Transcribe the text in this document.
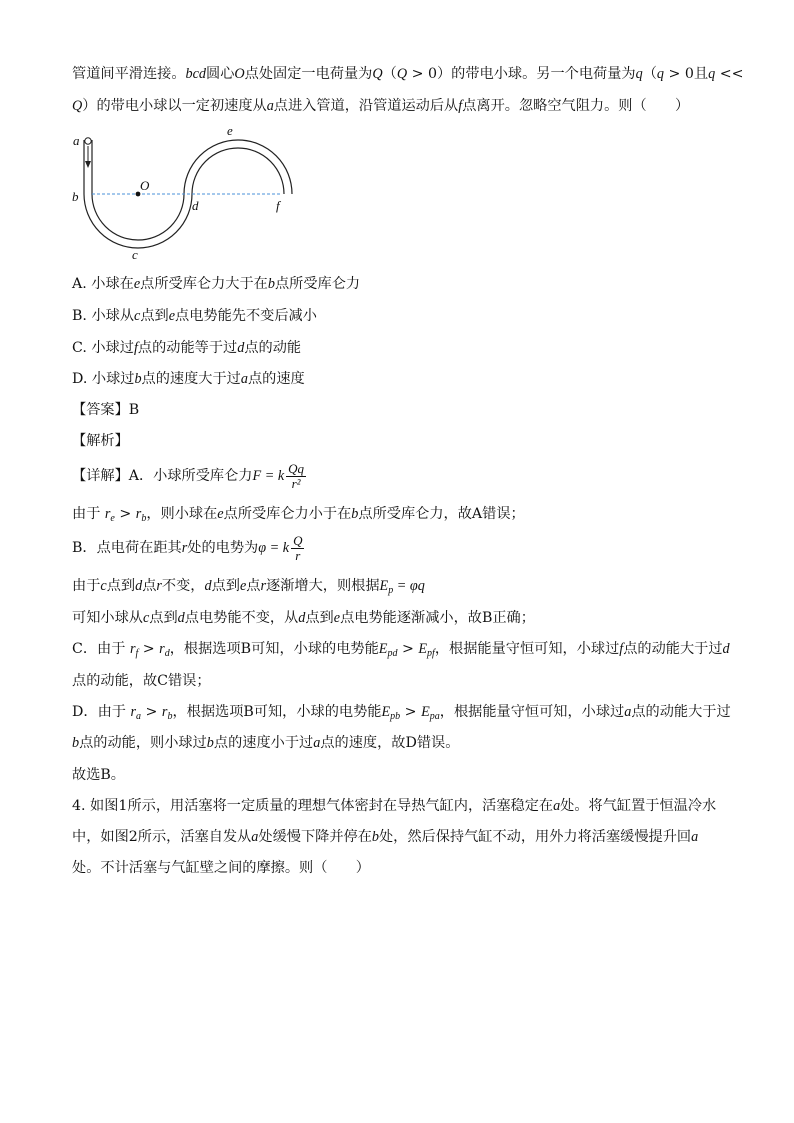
管道间平滑连接。bcd圆心O点处固定一电荷量为Q（Q > 0）的带电小球。另一个电荷量为q（q > 0且q <<
Q）的带电小球以一定初速度从a点进入管道，沿管道运动后从f点离开。忽略空气阻力。则（　　）
a
b
O
c
d
e
f
A. 小球在e点所受库仑力大于在b点所受库仑力
B. 小球从c点到e点电势能先不变后减小
C. 小球过f点的动能等于过d点的动能
D. 小球过b点的速度大于过a点的速度
【答案】B
【解析】
【详解】A．小球所受库仑力F = k $\frac{Qq}{\text{r²}}$
由于 $r_e > r_b$，则小球在e点所受库仑力小于在b点所受库仑力，故A错误；
B．点电荷在距其r处的电势为φ = k $\frac{Q}{r}$
由于c点到d点r不变，d点到e点r逐渐增大，则根据$E_p = \varphi q$
可知小球从c点到d点电势能不变，从d点到e点电势能逐渐减小，故B正确；
C．由于 $r_f > r_d$，根据选项B可知，小球的电势能$E_{pd} > E_{pf}$，根据能量守恒可知，小球过f点的动能大于过d
点的动能，故C错误；
D．由于 $r_a > r_b$，根据选项B可知，小球的电势能$E_{pb} > E_{pa}$，根据能量守恒可知，小球过a点的动能大于过
b点的动能，则小球过b点的速度小于过a点的速度，故D错误。
故选B。
4. 如图1所示，用活塞将一定质量的理想气体密封在导热气缸内，活塞稳定在a处。将气缸置于恒温冷水
中，如图2所示，活塞自发从a处缓慢下降并停在b处，然后保持气缸不动，用外力将活塞缓慢提升回a
处。不计活塞与气缸壁之间的摩擦。则（　　）
